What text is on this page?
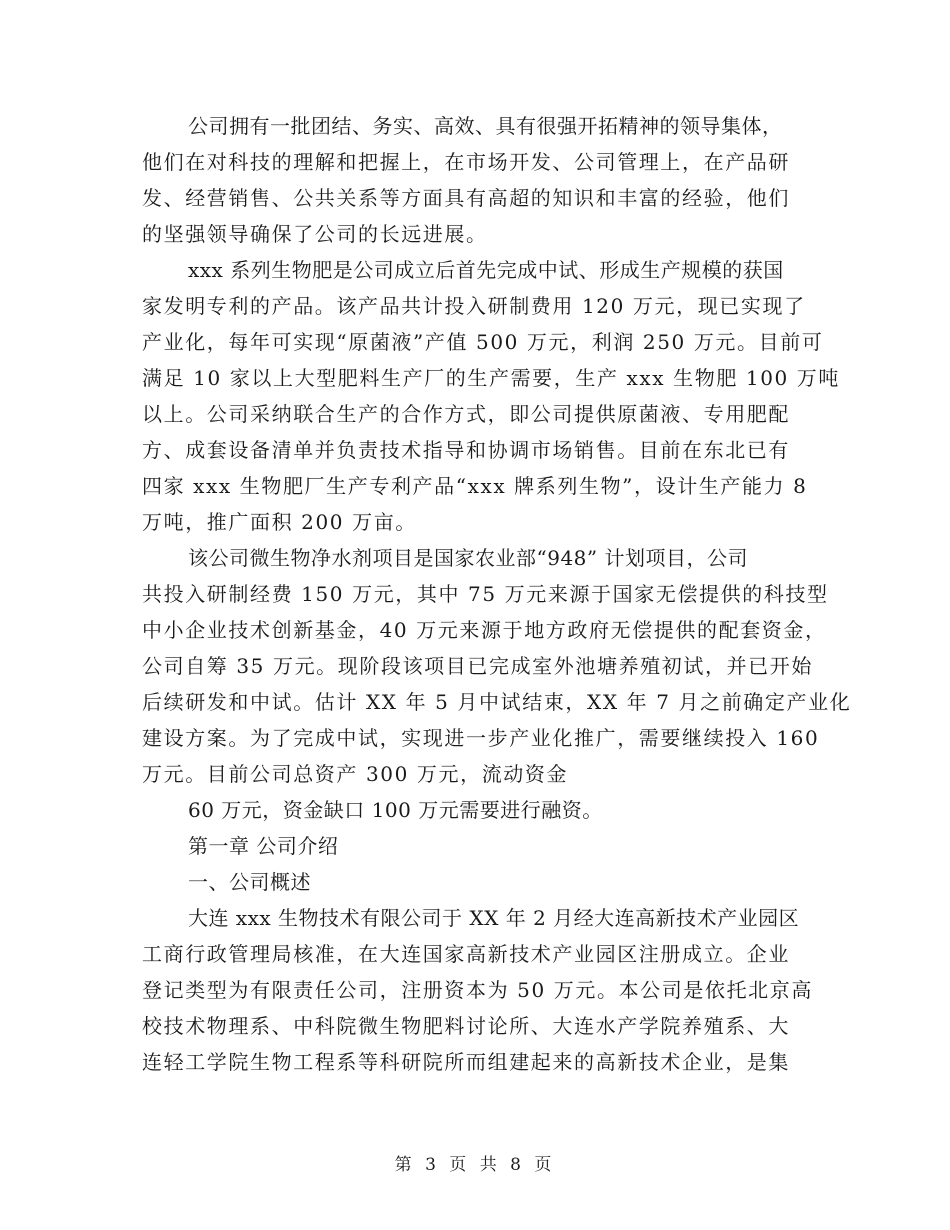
公司拥有一批团结、务实、高效、具有很强开拓精神的领导集体，
他们在对科技的理解和把握上，在市场开发、公司管理上，在产品研
发、经营销售、公共关系等方面具有高超的知识和丰富的经验，他们
的坚强领导确保了公司的长远进展。
xxx 系列生物肥是公司成立后首先完成中试、形成生产规模的获国
家发明专利的产品。该产品共计投入研制费用 120 万元，现已实现了
产业化，每年可实现“原菌液”产值 500 万元，利润 250 万元。目前可
满足 10 家以上大型肥料生产厂的生产需要，生产 xxx 生物肥 100 万吨
以上。公司采纳联合生产的合作方式，即公司提供原菌液、专用肥配
方、成套设备清单并负责技术指导和协调市场销售。目前在东北已有
四家 xxx 生物肥厂生产专利产品“xxx 牌系列生物”，设计生产能力 8
万吨，推广面积 200 万亩。
该公司微生物净水剂项目是国家农业部“948” 计划项目，公司
共投入研制经费 150 万元，其中 75 万元来源于国家无偿提供的科技型
中小企业技术创新基金，40 万元来源于地方政府无偿提供的配套资金，
公司自筹 35 万元。现阶段该项目已完成室外池塘养殖初试，并已开始
后续研发和中试。估计 XX 年 5 月中试结束，XX 年 7 月之前确定产业化
建设方案。为了完成中试，实现进一步产业化推广，需要继续投入 160
万元。目前公司总资产 300 万元，流动资金
60 万元，资金缺口 100 万元需要进行融资。
第一章 公司介绍
一、公司概述
大连 xxx 生物技术有限公司于 XX 年 2 月经大连高新技术产业园区
工商行政管理局核准，在大连国家高新技术产业园区注册成立。企业
登记类型为有限责任公司，注册资本为 50 万元。本公司是依托北京高
校技术物理系、中科院微生物肥料讨论所、大连水产学院养殖系、大
连轻工学院生物工程系等科研院所而组建起来的高新技术企业，是集
第 3 页 共 8 页
